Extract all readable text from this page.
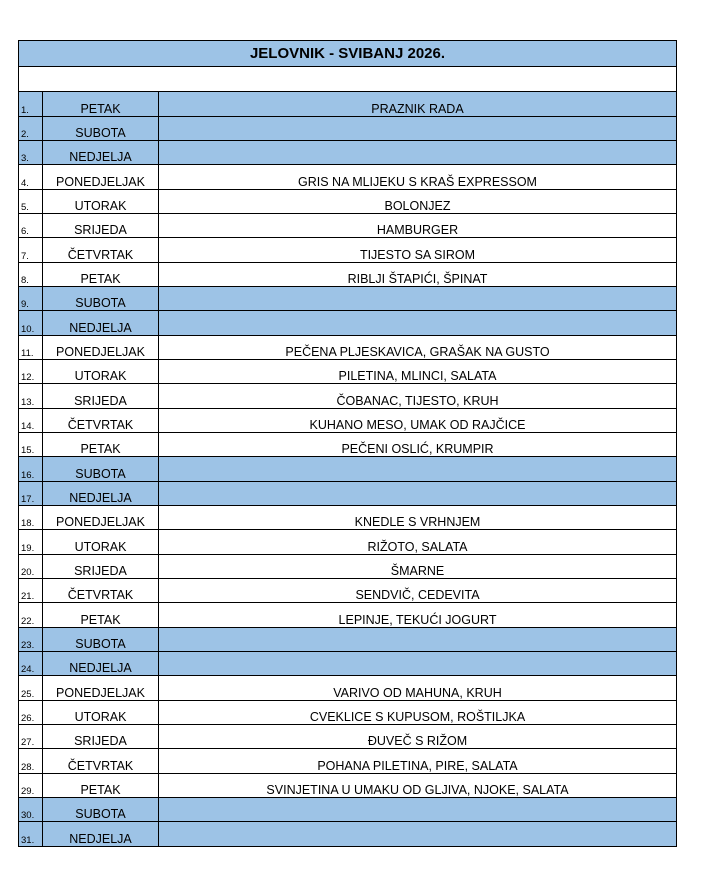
JELOVNIK - SVIBANJ 2026.		

1.	PETAK	PRAZNIK RADA
2.	SUBOTA	
3.	NEDJELJA	
4.	PONEDJELJAK	GRIS NA MLIJEKU S KRAŠ EXPRESSOM
5.	UTORAK	BOLONJEZ
6.	SRIJEDA	HAMBURGER
7.	ČETVRTAK	TIJESTO SA SIROM
8.	PETAK	RIBLJI ŠTAPIĆI, ŠPINAT
9.	SUBOTA	
10.	NEDJELJA	
11.	PONEDJELJAK	PEČENA PLJESKAVICA, GRAŠAK NA GUSTO
12.	UTORAK	PILETINA, MLINCI, SALATA
13.	SRIJEDA	ČOBANAC, TIJESTO, KRUH
14.	ČETVRTAK	KUHANO MESO, UMAK OD RAJČICE
15.	PETAK	PEČENI OSLIĆ, KRUMPIR
16.	SUBOTA	
17.	NEDJELJA	
18.	PONEDJELJAK	KNEDLE S VRHNJEM
19.	UTORAK	RIŽOTO, SALATA
20.	SRIJEDA	ŠMARNE
21.	ČETVRTAK	SENDVIČ, CEDEVITA
22.	PETAK	LEPINJE, TEKUĆI JOGURT
23.	SUBOTA	
24.	NEDJELJA	
25.	PONEDJELJAK	VARIVO OD MAHUNA, KRUH
26.	UTORAK	CVEKLICE S KUPUSOM, ROŠTILJKA
27.	SRIJEDA	ĐUVEČ S RIŽOM
28.	ČETVRTAK	POHANA PILETINA, PIRE, SALATA
29.	PETAK	SVINJETINA U UMAKU OD GLJIVA, NJOKE, SALATA
30.	SUBOTA	
31.	NEDJELJA	
